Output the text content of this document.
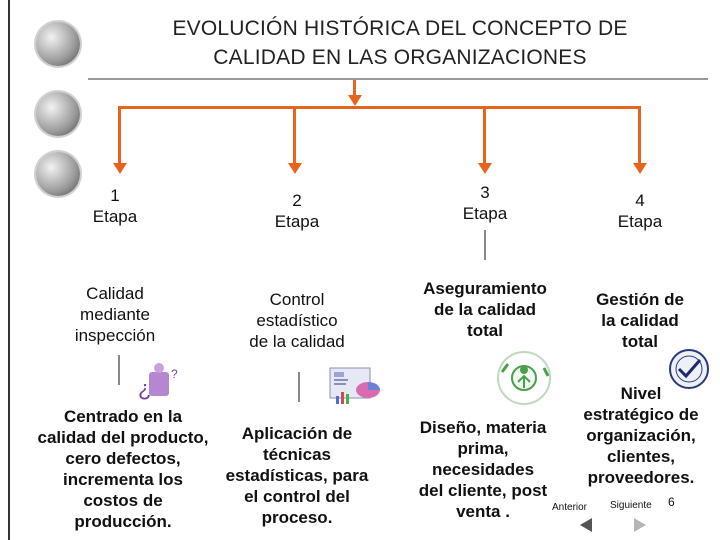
EVOLUCIÓN HISTÓRICA DEL CONCEPTO DE
CALIDAD EN LAS ORGANIZACIONES
1
Etapa
2
Etapa
3
Etapa
4
Etapa
Calidad
mediante
inspección
Control
estadístico
de la calidad
Aseguramiento
de la calidad
total
Gestión de
la calidad
total
¿
?
Centrado en la
calidad del producto,
cero defectos,
incrementa los
costos de
producción.
Aplicación de
técnicas
estadísticas, para
el control del
proceso.
Diseño, materia
prima,
necesidades
del cliente, post
venta .
Nivel
estratégico de
organización,
clientes,
proveedores.
Anterior Siguiente 6
